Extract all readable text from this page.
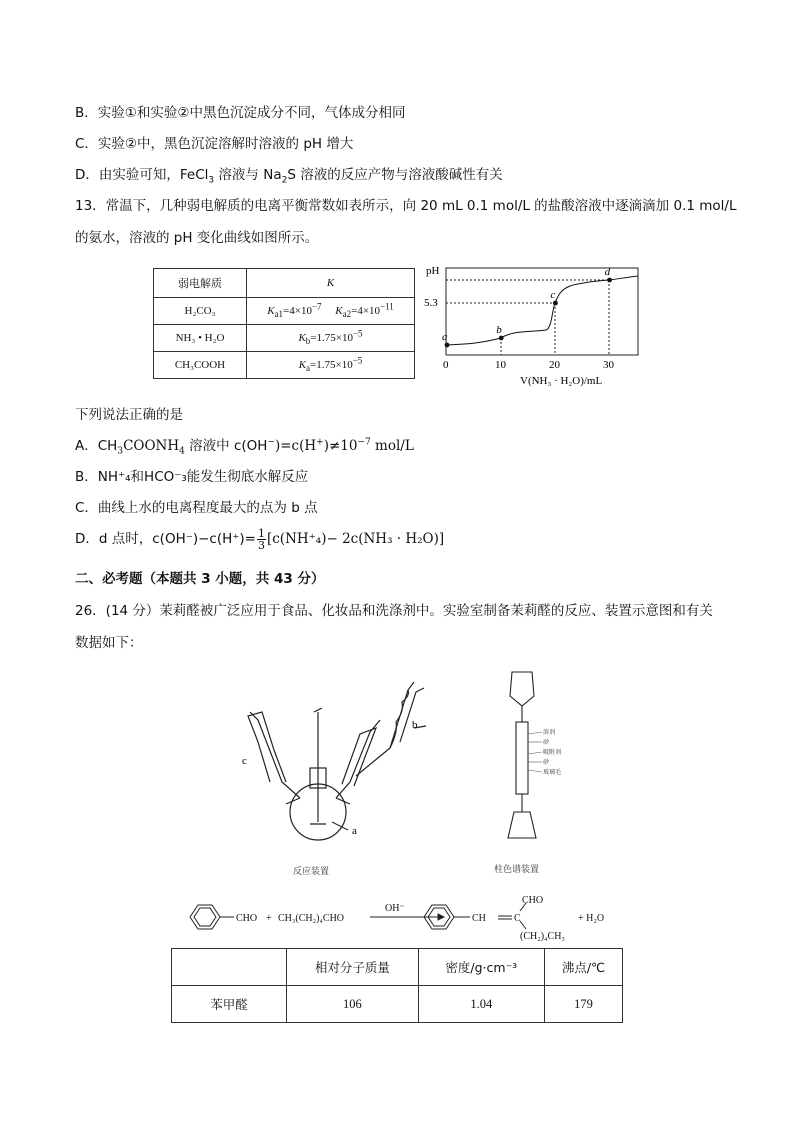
B．实验①和实验②中黑色沉淀成分不同，气体成分相同
C．实验②中，黑色沉淀溶解时溶液的 pH 增大
D．由实验可知，FeCl$_3$ 溶液与 $Na_2S$ 溶液的反应产物与溶液酸碱性有关
13．常温下，几种弱电解质的电离平衡常数如表所示，向 20 mL 0.1 mol/L 的盐酸溶液中逐滴滴加 0.1 mol/L
的氨水，溶液的 pH 变化曲线如图所示。
弱电解质	K
H₂CO₃	$K_{a1}=4\times 10^{-7}$ $K_{a2}=4\times 10^{-11}$
NH₃ • H₂O	$K_b=1.75\times 10^{-5}$
CH₃COOH	$K_a=1.75\times 10^{-5}$
pH
5.3
a
b
c
d
0	10	20	30
V(NH₃ · H₂O)/mL
下列说法正确的是
A．$CH_3COONH_4$ 溶液中 $c(OH^-)=c(H^+)\ne 10^{-7}$ mol/L
B．NH⁺₄和HCO⁻₃能发生彻底水解反应
C．曲线上水的电离程度最大的点为 b 点
D．d 点时，$c(OH^-)-c(H^+)= \frac{1}{3} [c(NH^+_4)- 2c(NH_3 \cdot H_2O)]$
二、必考题（本题共 3 小题，共 43 分）
26．(14 分）茉莉醛被广泛应用于食品、化妆品和洗涤剂中。实验室制备茉莉醛的反应、装置示意图和有关
数据如下：
c
b
a
反应装置
溶剂
砂
吸附剂
砂
玻璃毛
柱色谱装置
CHO + CH₃(CH₂)₄CHO
OH⁻
CH	C
CHO
(CH₂)₄CH₃
+ H₂O
	相对分子质量	密度/g·cm⁻³	沸点/℃
苯甲醛	106	1.04	179
